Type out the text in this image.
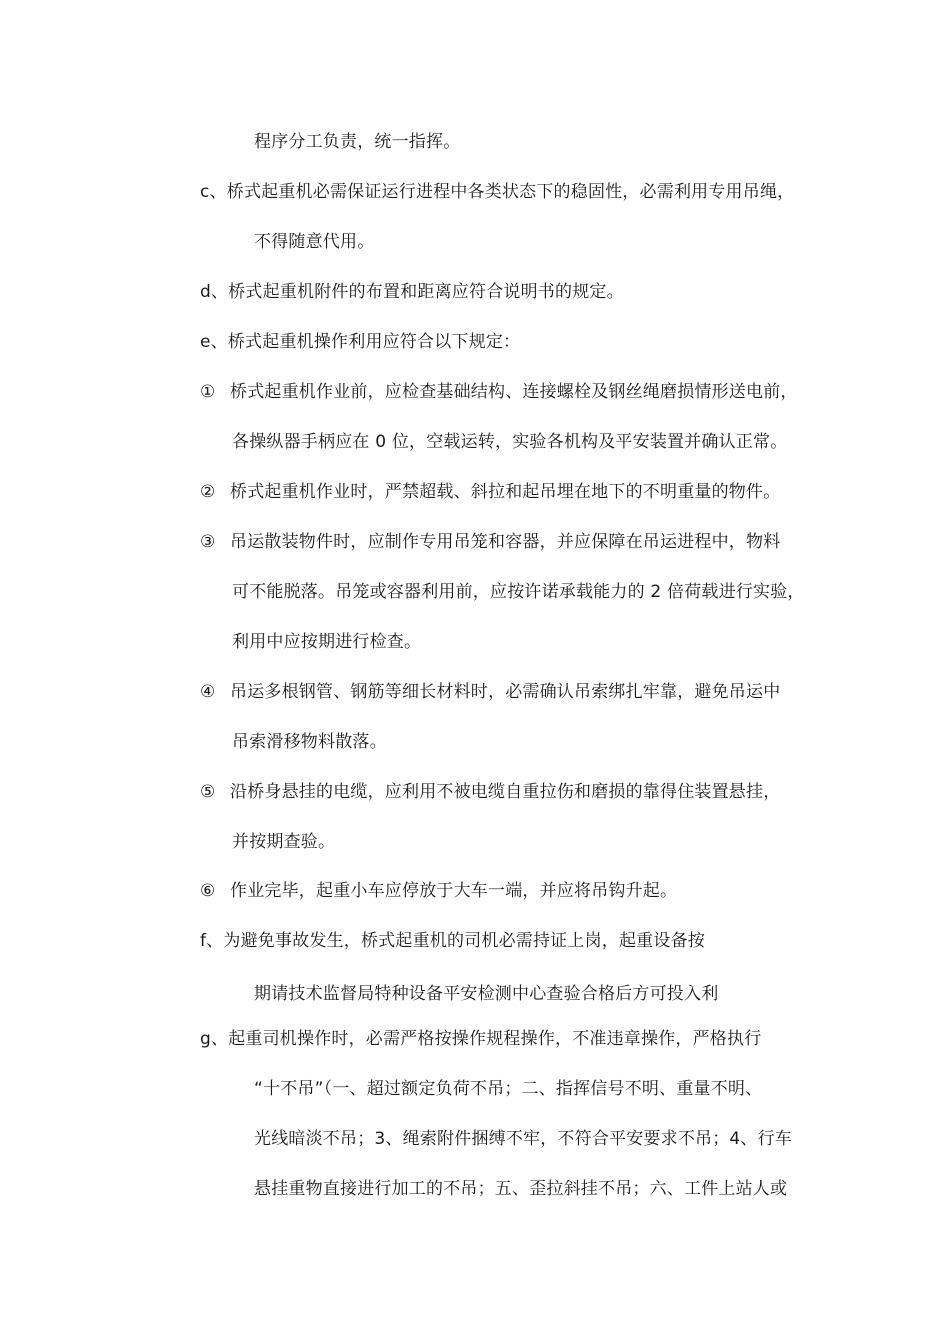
程序分工负责，统一指挥。
c、桥式起重机必需保证运行进程中各类状态下的稳固性，必需利用专用吊绳，
不得随意代用。
d、桥式起重机附件的布置和距离应符合说明书的规定。
e、桥式起重机操作利用应符合以下规定：
① 桥式起重机作业前，应检查基础结构、连接螺栓及钢丝绳磨损情形送电前，
各操纵器手柄应在 0 位，空载运转，实验各机构及平安装置并确认正常。
② 桥式起重机作业时，严禁超载、斜拉和起吊埋在地下的不明重量的物件。
③ 吊运散装物件时，应制作专用吊笼和容器，并应保障在吊运进程中，物料
可不能脱落。吊笼或容器利用前，应按许诺承载能力的 2 倍荷载进行实验，
利用中应按期进行检查。
④ 吊运多根钢管、钢筋等细长材料时，必需确认吊索绑扎牢靠，避免吊运中
吊索滑移物料散落。
⑤ 沿桥身悬挂的电缆，应利用不被电缆自重拉伤和磨损的靠得住装置悬挂，
并按期查验。
⑥ 作业完毕，起重小车应停放于大车一端，并应将吊钩升起。
f、为避免事故发生，桥式起重机的司机必需持证上岗，起重设备按
期请技术监督局特种设备平安检测中心查验合格后方可投入利
g、起重司机操作时，必需严格按操作规程操作，不准违章操作，严格执行
“十不吊”（一、超过额定负荷不吊；二、指挥信号不明、重量不明、
光线暗淡不吊；3、绳索附件捆缚不牢，不符合平安要求不吊；4、行车
悬挂重物直接进行加工的不吊；五、歪拉斜挂不吊；六、工件上站人或
